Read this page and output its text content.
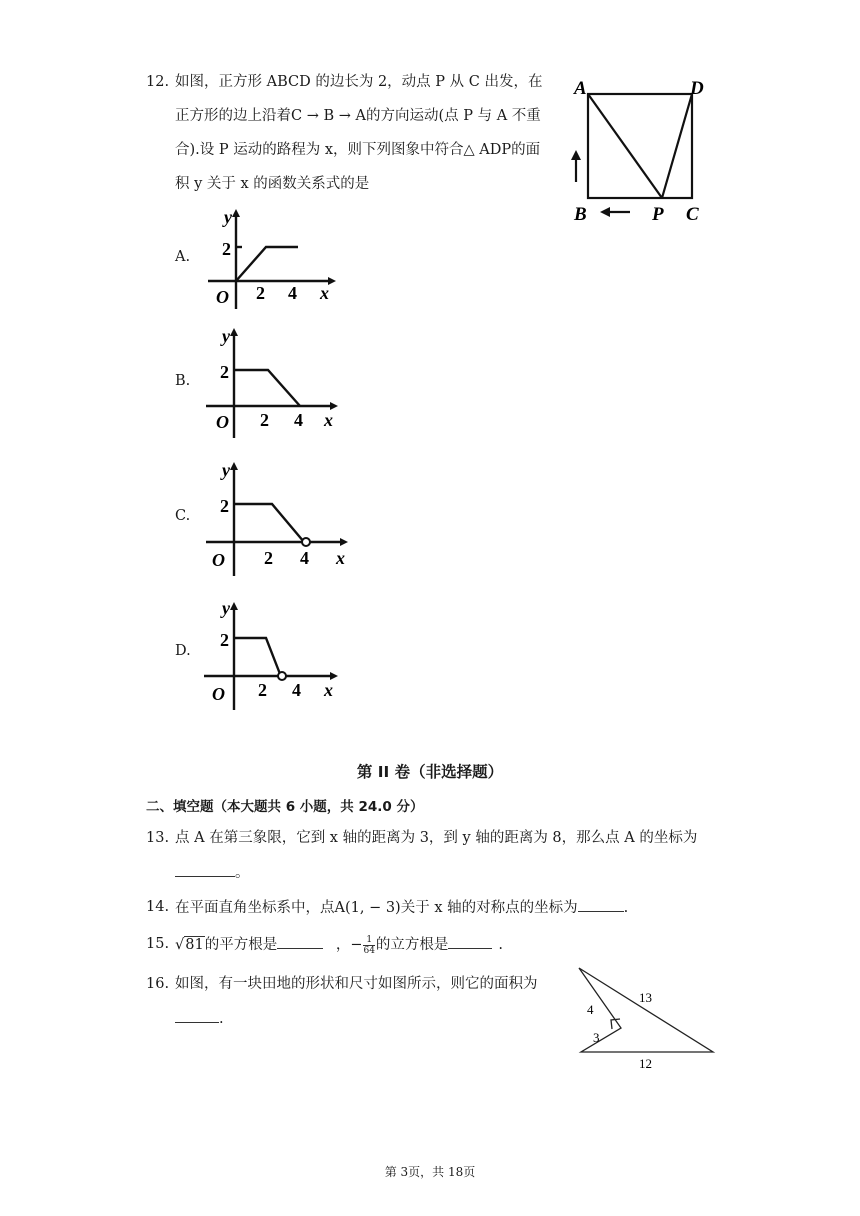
12. 如图，正方形 ABCD 的边长为 2，动点 P 从 C 出发，在
正方形的边上沿着C → B → A的方向运动(点 P 与 A 不重
合).设 P 运动的路程为 x，则下列图象中符合△ ADP的面
积 y 关于 x 的函数关系式的是
A	D
B	P C
A.
y
2
O 2 4 x
B.
y
2
O 2 4 x
C.
y
2
O 2 4 x
D.
y
2
O 2 4 x
第 II 卷（非选择题）
二、填空题（本大题共 6 小题，共 24.0 分）
13. 点 A 在第三象限，它到 x 轴的距离为 3，到 y 轴的距离为 8，那么点 A 的坐标为
。
14. 在平面直角坐标系中，点A(1, − 3)关于 x 轴的对称点的坐标为	.
15. √81的平方根是	，− $\frac{1}{64}$ 的立方根是	.
16. 如图，有一块田地的形状和尺寸如图所示，则它的面积为
.
4
3
13
12
第 3页，共 18页
